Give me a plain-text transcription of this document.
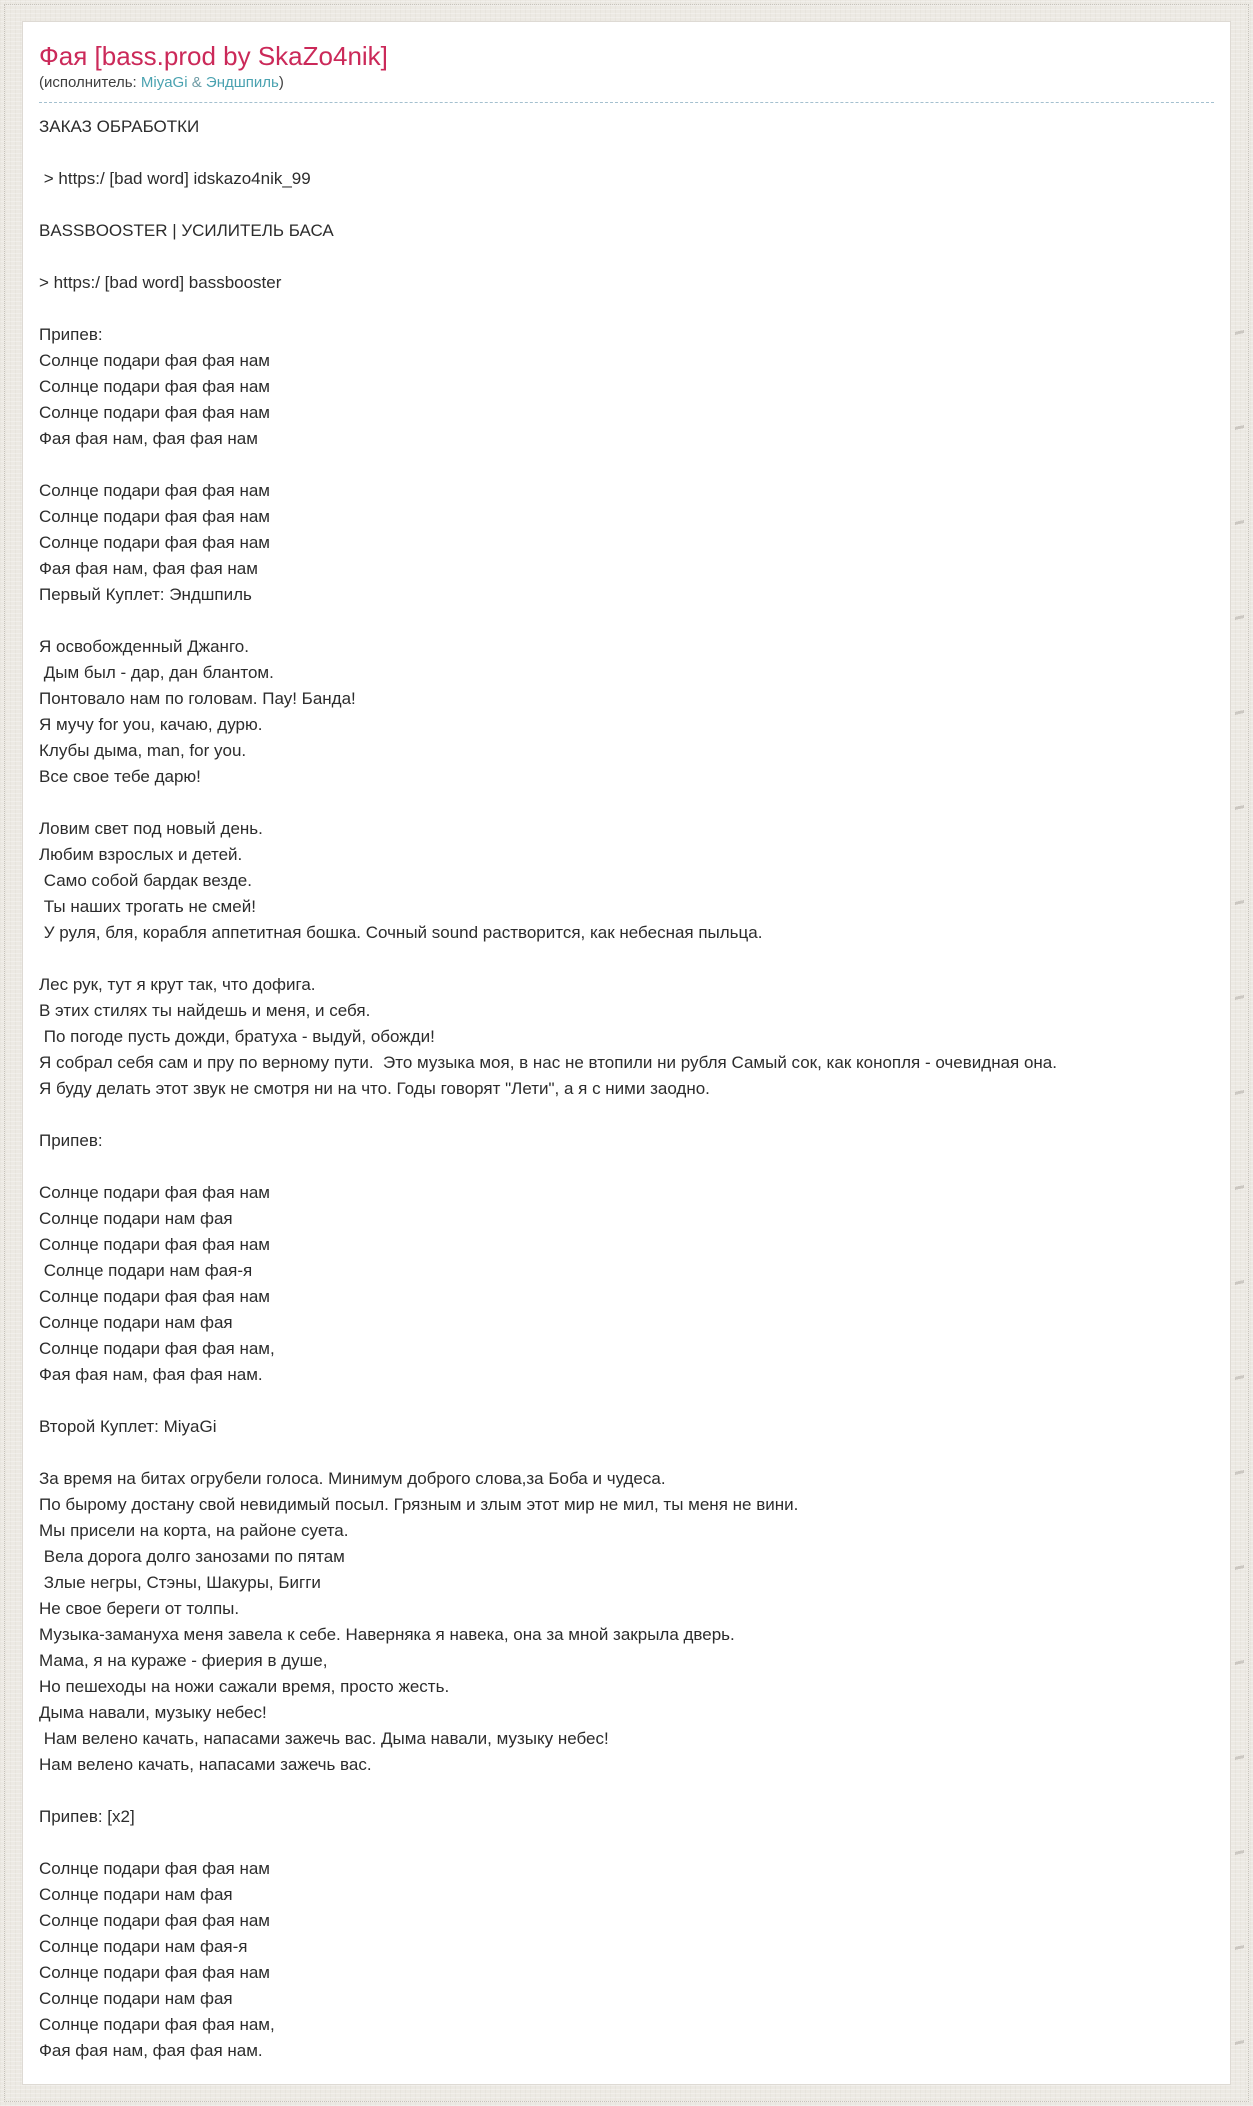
Фая [bass.prod by SkaZo4nik]
(исполнитель: MiyaGi & Эндшпиль)
ЗАКАЗ ОБРАБОТКИ
> https:/ [bad word] idskazo4nik_99
BASSBOOSTER | УСИЛИТЕЛЬ БАСА
> https:/ [bad word] bassbooster
Припев:
Солнце подари фая фая нам
Солнце подари фая фая нам
Солнце подари фая фая нам
Фая фая нам, фая фая нам
Солнце подари фая фая нам
Солнце подари фая фая нам
Солнце подари фая фая нам
Фая фая нам, фая фая нам
Первый Куплет: Эндшпиль
Я освобожденный Джанго.
Дым был - дар, дан блантом.
Понтовало нам по головам. Пау! Банда!
Я мучу for you, качаю, дурю.
Клубы дыма, man, for you.
Все свое тебе дарю!
Ловим свет под новый день.
Любим взрослых и детей.
Само собой бардак везде.
Ты наших трогать не смей!
У руля, бля, корабля аппетитная бошка. Сочный sound растворится, как небесная пыльца.
Лес рук, тут я крут так, что дофига.
В этих стилях ты найдешь и меня, и себя.
По погоде пусть дожди, братуха - выдуй, обожди!
Я собрал себя сам и пру по верному пути.  Это музыка моя, в нас не втопили ни рубля Самый сок, как конопля - очевидная она.
Я буду делать этот звук не смотря ни на что. Годы говорят "Лети", а я с ними заодно.
Припев:
Солнце подари фая фая нам
Солнце подари нам фая
Солнце подари фая фая нам
Солнце подари нам фая-я
Солнце подари фая фая нам
Солнце подари нам фая
Солнце подари фая фая нам,
Фая фая нам, фая фая нам.
Второй Куплет: MiyaGi
За время на битах огрубели голоса. Минимум доброго слова,за Боба и чудеса.
По бырому достану свой невидимый посыл. Грязным и злым этот мир не мил, ты меня не вини.
Мы присели на корта, на районе суета.
Вела дорога долго занозами по пятам
Злые негры, Стэны, Шакуры, Бигги
Не свое береги от толпы.
Музыка-замануха меня завела к себе. Наверняка я навека, она за мной закрыла дверь.
Мама, я на кураже - фиерия в душе,
Но пешеходы на ножи сажали время, просто жесть.
Дыма навали, музыку небес!
Нам велено качать, напасами зажечь вас. Дыма навали, музыку небес!
Нам велено качать, напасами зажечь вас.
Припев: [x2]
Солнце подари фая фая нам
Солнце подари нам фая
Солнце подари фая фая нам
Солнце подари нам фая-я
Солнце подари фая фая нам
Солнце подари нам фая
Солнце подари фая фая нам,
Фая фая нам, фая фая нам.
